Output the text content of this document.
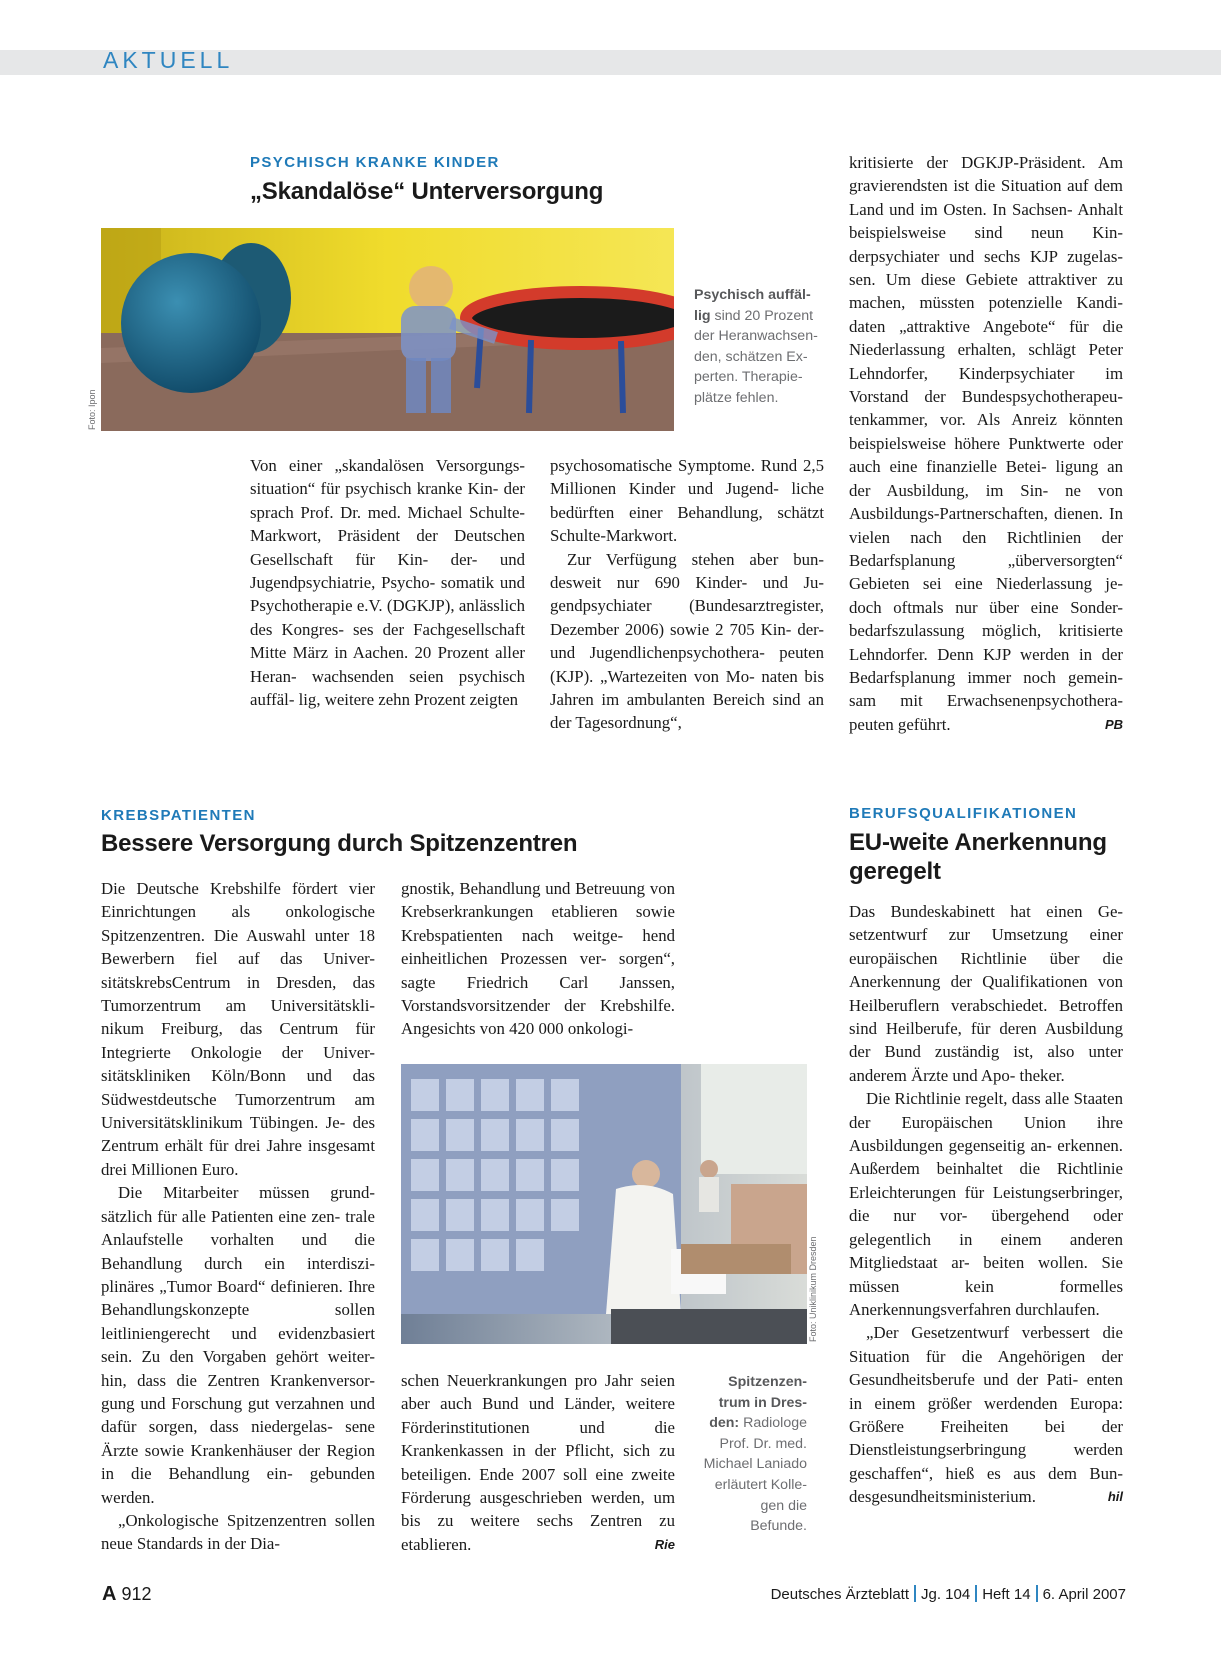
AKTUELL
PSYCHISCH KRANKE KINDER
„Skandalöse“ Unterversorgung
Foto: Ipon
Psychisch auffäl- lig sind 20 Prozent der Heranwachsen- den, schätzen Ex- perten. Therapie- plätze fehlen.

Von einer „skandalösen Versorgungs- situation“ für psychisch kranke Kin- der sprach Prof. Dr. med. Michael Schulte-Markwort, Präsident der Deutschen Gesellschaft für Kin- der- und Jugendpsychiatrie, Psycho- somatik und Psychotherapie e.V. (DGKJP), anlässlich des Kongres- ses der Fachgesellschaft Mitte März in Aachen. 20 Prozent aller Heran- wachsenden seien psychisch auffäl- lig, weitere zehn Prozent zeigten

psychosomatische Symptome. Rund 2,5 Millionen Kinder und Jugend- liche bedürften einer Behandlung, schätzt Schulte-Markwort.

Zur Verfügung stehen aber bun- desweit nur 690 Kinder- und Ju- gendpsychiater (Bundesarztregister, Dezember 2006) sowie 2 705 Kin- der- und Jugendlichenpsychothera- peuten (KJP). „Wartezeiten von Mo- naten bis Jahren im ambulanten Bereich sind an der Tagesordnung“,

kritisierte der DGKJP-Präsident. Am gravierendsten ist die Situation auf dem Land und im Osten. In Sachsen- Anhalt beispielsweise sind neun Kin- derpsychiater und sechs KJP zugelas- sen. Um diese Gebiete attraktiver zu machen, müssten potenzielle Kandi- daten „attraktive Angebote“ für die Niederlassung erhalten, schlägt Peter Lehndorfer, Kinderpsychiater im Vorstand der Bundespsychotherapeu- tenkammer, vor. Als Anreiz könnten beispielsweise höhere Punktwerte oder auch eine finanzielle Betei- ligung an der Ausbildung, im Sin- ne von Ausbildungs-Partnerschaften, dienen. In vielen nach den Richtlinien der Bedarfsplanung „überversorgten“ Gebieten sei eine Niederlassung je- doch oftmals nur über eine Sonder- bedarfszulassung möglich, kritisierte Lehndorfer. Denn KJP werden in der Bedarfsplanung immer noch gemein- sam mit Erwachsenenpsychothera- peuten geführt.	PB

KREBSPATIENTEN
Bessere Versorgung durch Spitzenzentren

Die Deutsche Krebshilfe fördert vier Einrichtungen als onkologische Spitzenzentren. Die Auswahl unter 18 Bewerbern fiel auf das Univer- sitätskrebsCentrum in Dresden, das Tumorzentrum am Universitätskli- nikum Freiburg, das Centrum für Integrierte Onkologie der Univer- sitätskliniken Köln/Bonn und das Südwestdeutsche Tumorzentrum am Universitätsklinikum Tübingen. Je- des Zentrum erhält für drei Jahre insgesamt drei Millionen Euro.

Die Mitarbeiter müssen grund- sätzlich für alle Patienten eine zen- trale Anlaufstelle vorhalten und die Behandlung durch ein interdiszi- plinäres „Tumor Board“ definieren. Ihre Behandlungskonzepte sollen leitliniengerecht und evidenzbasiert sein. Zu den Vorgaben gehört weiter- hin, dass die Zentren Krankenversor- gung und Forschung gut verzahnen und dafür sorgen, dass niedergelas- sene Ärzte sowie Krankenhäuser der Region in die Behandlung ein- gebunden werden.

„Onkologische Spitzenzentren sollen neue Standards in der Dia-

gnostik, Behandlung und Betreuung von Krebserkrankungen etablieren sowie Krebspatienten nach weitge- hend einheitlichen Prozessen ver- sorgen“, sagte Friedrich Carl Janssen, Vorstandsvorsitzender der Krebshilfe. Angesichts von 420 000 onkologi-

Foto: Uniklinikum Dresden

schen Neuerkrankungen pro Jahr seien aber auch Bund und Länder, weitere Förderinstitutionen und die Krankenkassen in der Pflicht, sich zu beteiligen. Ende 2007 soll eine zweite Förderung ausgeschrieben werden, um bis zu weitere sechs Zentren zu etablieren.	Rie

Spitzenzen- trum in Dres- den: Radiologe Prof. Dr. med. Michael Laniado erläutert Kolle- gen die Befunde.
BERUFSQUALIFIKATIONEN
EU-weite Anerkennung
geregelt

Das Bundeskabinett hat einen Ge- setzentwurf zur Umsetzung einer europäischen Richtlinie über die Anerkennung der Qualifikationen von Heilberuflern verabschiedet. Betroffen sind Heilberufe, für deren Ausbildung der Bund zuständig ist, also unter anderem Ärzte und Apo- theker.

Die Richtlinie regelt, dass alle Staaten der Europäischen Union ihre Ausbildungen gegenseitig an- erkennen. Außerdem beinhaltet die Richtlinie Erleichterungen für Leistungserbringer, die nur vor- übergehend oder gelegentlich in einem anderen Mitgliedstaat ar- beiten wollen. Sie müssen kein formelles Anerkennungsverfahren durchlaufen.

„Der Gesetzentwurf verbessert die Situation für die Angehörigen der Gesundheitsberufe und der Pati- enten in einem größer werdenden Europa: Größere Freiheiten bei der Dienstleistungserbringung werden geschaffen“, hieß es aus dem Bun- desgesundheitsministerium.	hil

A 912	Deutsches Ärzteblatt Jg. 104 Heft 14 6. April 2007
